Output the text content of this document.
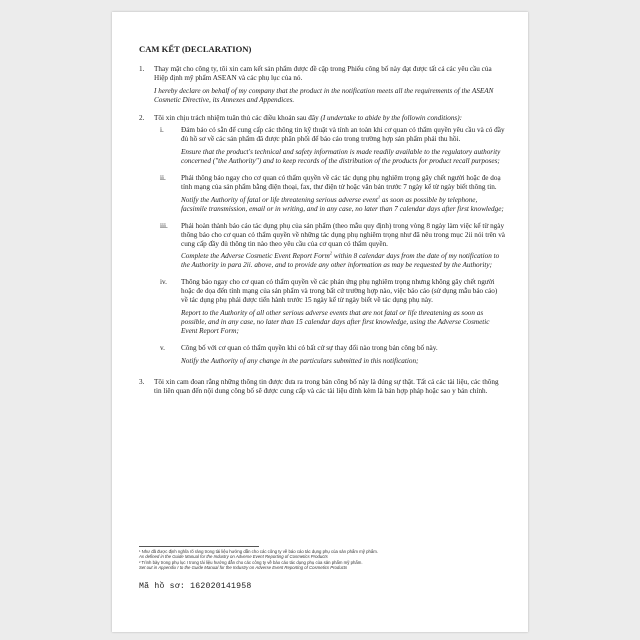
CAM KẾT (DECLARATION)
1.	Thay mặt cho công ty, tôi xin cam kết sản phẩm được đề cập trong Phiếu công bố này đạt được tất cả các yêu cầu của Hiệp định mỹ phẩm ASEAN và các phụ lục của nó.

I hereby declare on behalf of my company that the product in the notification meets all the requirements of the ASEAN Cosmetic Directive, its Annexes and Appendices.

2.	Tôi xin chịu trách nhiệm tuân thủ các điều khoản sau đây (I undertake to abide by the followin conditions):

i.	Đảm bảo có sẵn để cung cấp các thông tin kỹ thuật và tính an toàn khi cơ quan có thẩm quyền yêu cầu và có đầy đủ hồ sơ về các sản phẩm đã được phân phối để báo cáo trong trường hợp sản phẩm phải thu hồi.

Ensure that the product's technical and safety information is made readily available to the regulatory authority concerned ("the Authority") and to keep records of the distribution of the products for product recall purposes;

ii.	Phải thông báo ngay cho cơ quan có thẩm quyền về các tác dụng phụ nghiêm trọng gây chết người hoặc đe doạ tính mạng của sản phẩm bằng điện thoại, fax, thư điện tử hoặc văn bản trước 7 ngày kể từ ngày biết thông tin.

Notify the Authority of fatal or life threatening serious adverse event$^1$ as soon as possible by telephone, facsimile transmission, email or in writing, and in any case, no later than 7 calendar days after first knowledge;

iii.	Phải hoàn thành báo cáo tác dụng phụ của sản phẩm (theo mẫu quy định) trong vòng 8 ngày làm việc kể từ ngày thông báo cho cơ quan có thẩm quyền về những tác dụng phụ nghiêm trọng như đã nêu trong mục 2ii nói trên và cung cấp đầy đủ thông tin nào theo yêu cầu của cơ quan có thẩm quyền.

Complete the Adverse Cosmetic Event Report Form$^2$ within 8 calendar days from the date of my notification to the Authority in para 2ii. above, and to provide any other information as may be requested by the Authority;

iv.	Thông báo ngay cho cơ quan có thẩm quyền về các phản ứng phụ nghiêm trọng nhưng không gây chết người hoặc đe dọa đến tính mạng của sản phẩm và trong bất cứ trường hợp nào, việc báo cáo (sử dụng mẫu báo cáo) về tác dụng phụ phải được tiến hành trước 15 ngày kể từ ngày biết về tác dụng phụ này.

Report to the Authority of all other serious adverse events that are not fatal or life threatening as soon as possible, and in any case, no later than 15 calendar days after first knowledge, using the Adverse Cosmetic Event Report Form;

v.	Công bố với cơ quan có thẩm quyền khi có bất cứ sự thay đổi nào trong bản công bố này.

Notify the Authority of any change in the particulars submitted in this notification;

3.	Tôi xin cam đoan rằng những thông tin được đưa ra trong bản công bố này là đúng sự thật. Tất cả các tài liệu, các thông tin liên quan đến nội dung công bố sẽ được cung cấp và các tài liệu đính kèm là bản hợp pháp hoặc sao y bản chính.

¹ Như đã được định nghĩa rõ ràng trong tài liệu hướng dẫn cho các công ty về báo cáo tác dụng phụ của sản phẩm mỹ phẩm.
As defined in the Guide Manual for the Industry on Adverse Event Reporting of Cosmetics Products
² Trình bày trong phụ lục I trong tài liệu hướng dẫn cho các công ty về báo cáo tác dụng phụ của sản phẩm mỹ phẩm.
Set out in Appendix I to the Guide Manual for the Industry on Adverse Event Reporting of Cosmetics Products
Mã hồ sơ: 162020141958
